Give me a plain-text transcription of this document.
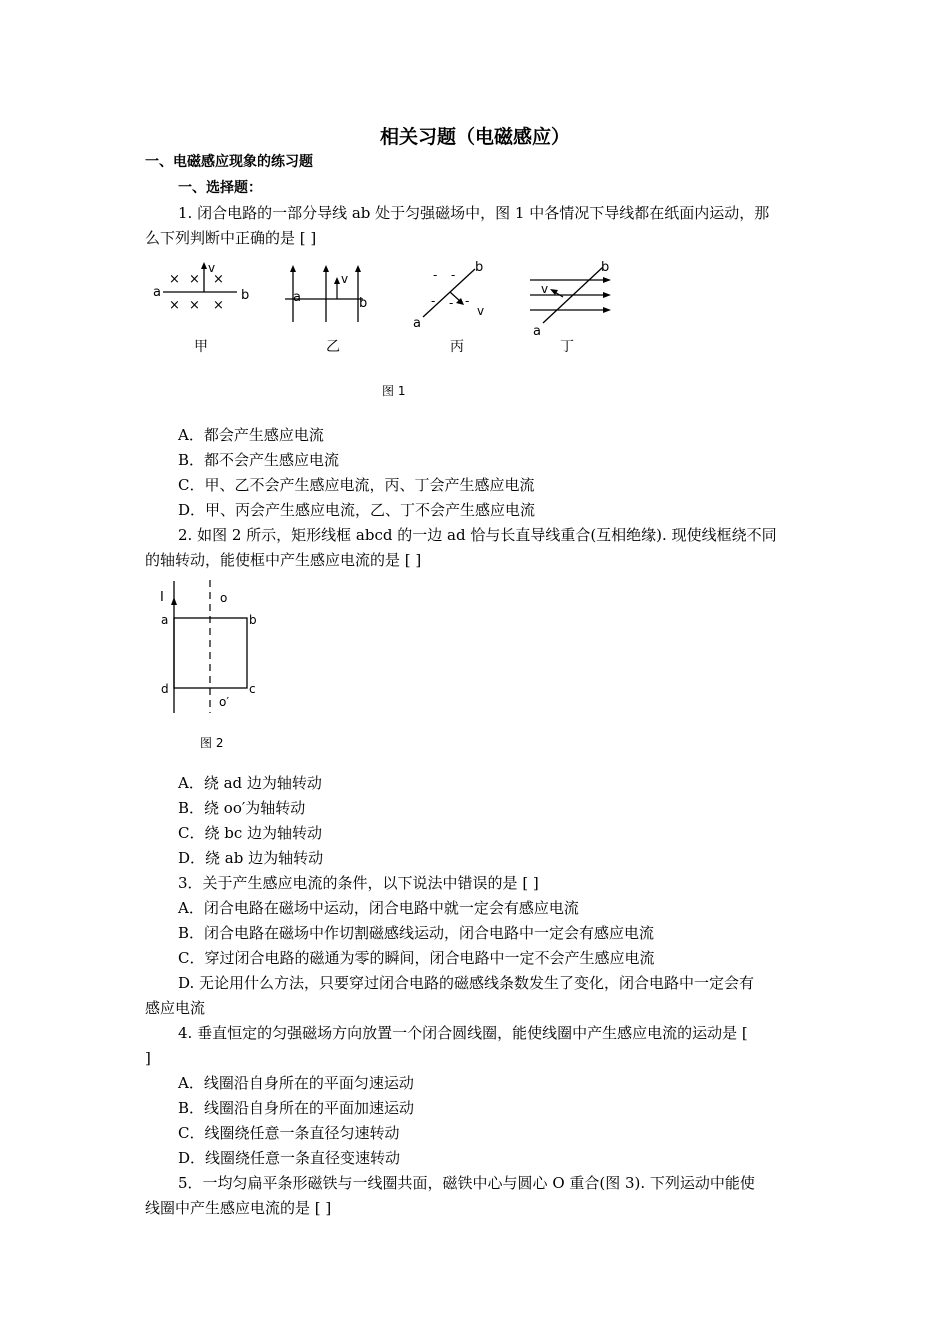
相关习题（电磁感应）
一、电磁感应现象的练习题
一、选择题：
1. 闭合电路的一部分导线 ab 处于匀强磁场中，图 1 中各情况下导线都在纸面内运动，那
么下列判断中正确的是 [ ]
× × ×
× × ×
a	b
v
a	b
v	- -
- - -
a
b
v
a
b
v
甲	乙	丙	丁
图 1
A．都会产生感应电流
B．都不会产生感应电流
C．甲、乙不会产生感应电流，丙、丁会产生感应电流
D．甲、丙会产生感应电流，乙、丁不会产生感应电流
2. 如图 2 所示，矩形线框 abcd 的一边 ad 恰与长直导线重合(互相绝缘). 现使线框绕不同
的轴转动，能使框中产生感应电流的是 [ ]
I	o
a	b
c
d
o′
图 2
A．绕 ad 边为轴转动
B．绕 oo′为轴转动
C．绕 bc 边为轴转动
D．绕 ab 边为轴转动
3．关于产生感应电流的条件，以下说法中错误的是 [ ]
A．闭合电路在磁场中运动，闭合电路中就一定会有感应电流
B．闭合电路在磁场中作切割磁感线运动，闭合电路中一定会有感应电流
C．穿过闭合电路的磁通为零的瞬间，闭合电路中一定不会产生感应电流
D. 无论用什么方法，只要穿过闭合电路的磁感线条数发生了变化，闭合电路中一定会有
感应电流
4. 垂直恒定的匀强磁场方向放置一个闭合圆线圈，能使线圈中产生感应电流的运动是 [
]
A．线圈沿自身所在的平面匀速运动
B．线圈沿自身所在的平面加速运动
C．线圈绕任意一条直径匀速转动
D．线圈绕任意一条直径变速转动
5．一均匀扁平条形磁铁与一线圈共面，磁铁中心与圆心 O 重合(图 3). 下列运动中能使
线圈中产生感应电流的是 [ ]
